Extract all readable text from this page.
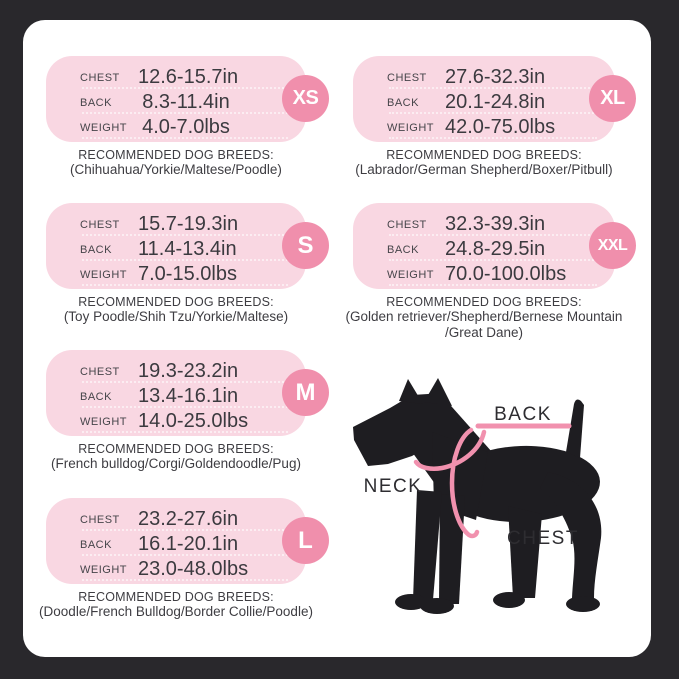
CHEST 12.6-15.7in
BACK	8.3-11.4in
WEIGHT 4.0-7.0lbs
XS
RECOMMENDED DOG BREEDS:
(Chihuahua/Yorkie/Maltese/Poodle)
CHEST 15.7-19.3in
BACK	11.4-13.4in
WEIGHT 7.0-15.0lbs
S
RECOMMENDED DOG BREEDS:
(Toy Poodle/Shih Tzu/Yorkie/Maltese)
CHEST 19.3-23.2in
BACK	13.4-16.1in
WEIGHT 14.0-25.0lbs
M
RECOMMENDED DOG BREEDS:
(French bulldog/Corgi/Goldendoodle/Pug)
CHEST 23.2-27.6in
BACK	16.1-20.1in
WEIGHT 23.0-48.0lbs
L
RECOMMENDED DOG BREEDS:
(Doodle/French Bulldog/Border Collie/Poodle)
CHEST 27.6-32.3in
BACK	20.1-24.8in
WEIGHT 42.0-75.0lbs
XL
RECOMMENDED DOG BREEDS:
(Labrador/German Shepherd/Boxer/Pitbull)
CHEST 32.3-39.3in
BACK	24.8-29.5in
WEIGHT 70.0-100.0lbs
XXL
RECOMMENDED DOG BREEDS:
(Golden retriever/Shepherd/Bernese Mountain
/Great Dane)
BACK
NECK
CHEST
